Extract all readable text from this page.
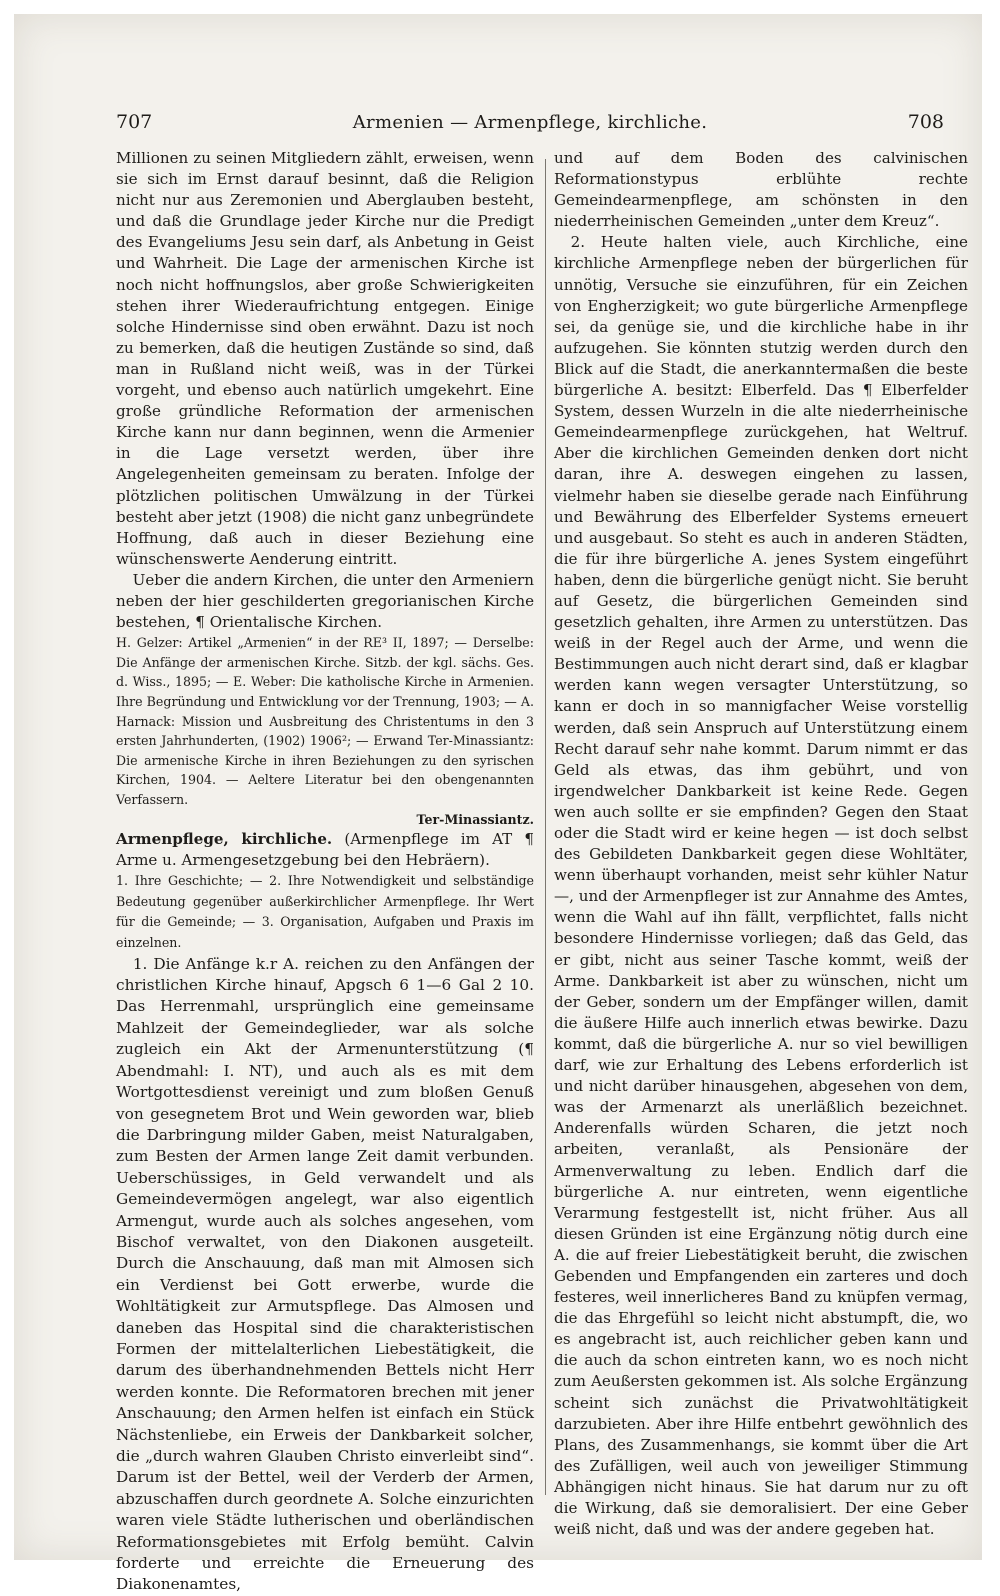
707	Armenien — Armenpflege, kirchliche.	708

Millionen zu seinen Mitgliedern zählt, erweisen, wenn sie sich im Ernst darauf besinnt, daß die Religion nicht nur aus Zeremonien und Aberglauben besteht, und daß die Grundlage jeder Kirche nur die Predigt des Evangeliums Jesu sein darf, als Anbetung in Geist und Wahrheit. Die Lage der armenischen Kirche ist noch nicht hoffnungslos, aber große Schwierigkeiten stehen ihrer Wiederaufrichtung entgegen. Einige solche Hindernisse sind oben erwähnt. Dazu ist noch zu bemerken, daß die heutigen Zustände so sind, daß man in Rußland nicht weiß, was in der Türkei vorgeht, und ebenso auch natürlich umgekehrt. Eine große gründliche Reformation der armenischen Kirche kann nur dann beginnen, wenn die Armenier in die Lage versetzt werden, über ihre Angelegenheiten gemeinsam zu beraten. Infolge der plötzlichen politischen Umwälzung in der Türkei besteht aber jetzt (1908) die nicht ganz unbegründete Hoffnung, daß auch in dieser Beziehung eine wünschenswerte Aenderung eintritt.

Ueber die andern Kirchen, die unter den Armeniern neben der hier geschilderten gregorianischen Kirche bestehen, ¶ Orientalische Kirchen.

H. Gelzer: Artikel „Armenien“ in der RE³ II, 1897; — Derselbe: Die Anfänge der armenischen Kirche. Sitzb. der kgl. sächs. Ges. d. Wiss., 1895; — E. Weber: Die katholische Kirche in Armenien. Ihre Begründung und Entwicklung vor der Trennung, 1903; — A. Harnack: Mission und Ausbreitung des Christentums in den 3 ersten Jahrhunderten, (1902) 1906²; — Erwand Ter-Minassiantz: Die armenische Kirche in ihren Beziehungen zu den syrischen Kirchen, 1904. — Aeltere Literatur bei den obengenannten Verfassern.
Ter-Minassiantz.

Armenpflege, kirchliche. (Armenpflege im AT ¶ Arme u. Armengesetzgebung bei den Hebräern).

1. Ihre Geschichte; — 2. Ihre Notwendigkeit und selbständige Bedeutung gegenüber außerkirchlicher Armenpflege. Ihr Wert für die Gemeinde; — 3. Organisation, Aufgaben und Praxis im einzelnen.

1. Die Anfänge k.r A. reichen zu den Anfängen der christlichen Kirche hinauf, Apgsch 6 1—6 Gal 2 10. Das Herrenmahl, ursprünglich eine gemeinsame Mahlzeit der Gemeindeglieder, war als solche zugleich ein Akt der Armenunterstützung (¶ Abendmahl: I. NT), und auch als es mit dem Wortgottesdienst vereinigt und zum bloßen Genuß von gesegnetem Brot und Wein geworden war, blieb die Darbringung milder Gaben, meist Naturalgaben, zum Besten der Armen lange Zeit damit verbunden. Ueberschüssiges, in Geld verwandelt und als Gemeindevermögen angelegt, war also eigentlich Armengut, wurde auch als solches angesehen, vom Bischof verwaltet, von den Diakonen ausgeteilt. Durch die Anschauung, daß man mit Almosen sich ein Verdienst bei Gott erwerbe, wurde die Wohltätigkeit zur Armutspflege. Das Almosen und daneben das Hospital sind die charakteristischen Formen der mittelalterlichen Liebestätigkeit, die darum des überhandnehmenden Bettels nicht Herr werden konnte. Die Reformatoren brechen mit jener Anschauung; den Armen helfen ist einfach ein Stück Nächstenliebe, ein Erweis der Dankbarkeit solcher, die „durch wahren Glauben Christo einverleibt sind“. Darum ist der Bettel, weil der Verderb der Armen, abzuschaffen durch geordnete A. Solche einzurichten waren viele Städte lutherischen und oberländischen Reformationsgebietes mit Erfolg bemüht. Calvin forderte und erreichte die Erneuerung des Diakonenamtes,

und auf dem Boden des calvinischen Reformationstypus erblühte rechte Gemeindearmenpflege, am schönsten in den niederrheinischen Gemeinden „unter dem Kreuz“.

2. Heute halten viele, auch Kirchliche, eine kirchliche Armenpflege neben der bürgerlichen für unnötig, Versuche sie einzuführen, für ein Zeichen von Engherzigkeit; wo gute bürgerliche Armenpflege sei, da genüge sie, und die kirchliche habe in ihr aufzugehen. Sie könnten stutzig werden durch den Blick auf die Stadt, die anerkanntermaßen die beste bürgerliche A. besitzt: Elberfeld. Das ¶ Elberfelder System, dessen Wurzeln in die alte niederrheinische Gemeindearmenpflege zurückgehen, hat Weltruf. Aber die kirchlichen Gemeinden denken dort nicht daran, ihre A. deswegen eingehen zu lassen, vielmehr haben sie dieselbe gerade nach Einführung und Bewährung des Elberfelder Systems erneuert und ausgebaut. So steht es auch in anderen Städten, die für ihre bürgerliche A. jenes System eingeführt haben, denn die bürgerliche genügt nicht. Sie beruht auf Gesetz, die bürgerlichen Gemeinden sind gesetzlich gehalten, ihre Armen zu unterstützen. Das weiß in der Regel auch der Arme, und wenn die Bestimmungen auch nicht derart sind, daß er klagbar werden kann wegen versagter Unterstützung, so kann er doch in so mannigfacher Weise vorstellig werden, daß sein Anspruch auf Unterstützung einem Recht darauf sehr nahe kommt. Darum nimmt er das Geld als etwas, das ihm gebührt, und von irgendwelcher Dankbarkeit ist keine Rede. Gegen wen auch sollte er sie empfinden? Gegen den Staat oder die Stadt wird er keine hegen — ist doch selbst des Gebildeten Dankbarkeit gegen diese Wohltäter, wenn überhaupt vorhanden, meist sehr kühler Natur —, und der Armenpfleger ist zur Annahme des Amtes, wenn die Wahl auf ihn fällt, verpflichtet, falls nicht besondere Hindernisse vorliegen; daß das Geld, das er gibt, nicht aus seiner Tasche kommt, weiß der Arme. Dankbarkeit ist aber zu wünschen, nicht um der Geber, sondern um der Empfänger willen, damit die äußere Hilfe auch innerlich etwas bewirke. Dazu kommt, daß die bürgerliche A. nur so viel bewilligen darf, wie zur Erhaltung des Lebens erforderlich ist und nicht darüber hinausgehen, abgesehen von dem, was der Armenarzt als unerläßlich bezeichnet. Anderenfalls würden Scharen, die jetzt noch arbeiten, veranlaßt, als Pensionäre der Armenverwaltung zu leben. Endlich darf die bürgerliche A. nur eintreten, wenn eigentliche Verarmung festgestellt ist, nicht früher. Aus all diesen Gründen ist eine Ergänzung nötig durch eine A. die auf freier Liebestätigkeit beruht, die zwischen Gebenden und Empfangenden ein zarteres und doch festeres, weil innerlicheres Band zu knüpfen vermag, die das Ehrgefühl so leicht nicht abstumpft, die, wo es angebracht ist, auch reichlicher geben kann und die auch da schon eintreten kann, wo es noch nicht zum Aeußersten gekommen ist. Als solche Ergänzung scheint sich zunächst die Privatwohltätigkeit darzubieten. Aber ihre Hilfe entbehrt gewöhnlich des Plans, des Zusammenhangs, sie kommt über die Art des Zufälligen, weil auch von jeweiliger Stimmung Abhängigen nicht hinaus. Sie hat darum nur zu oft die Wirkung, daß sie demoralisiert. Der eine Geber weiß nicht, daß und was der andere gegeben hat.
